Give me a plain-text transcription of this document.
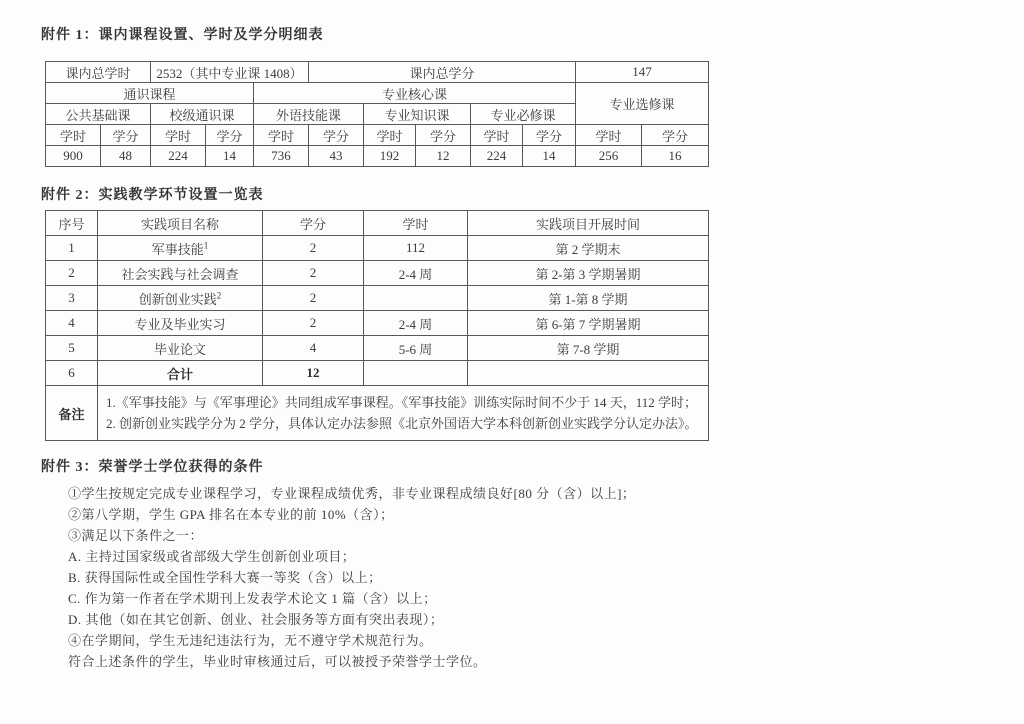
附件 1：课内课程设置、学时及学分明细表
课内总学时		2532（其中专业课 1408）			课内总学分					147	
通识课程				专业核心课						专业选修课	
公共基础课		校级通识课		外语技能课		专业知识课		专业必修课			
学时	学分	学时	学分	学时	学分	学时	学分	学时	学分	学时	学分
900	48	224	14	736	43	192	12	224	14	256	16
附件 2：实践教学环节设置一览表
序号	实践项目名称	学分	学时	实践项目开展时间
1	军事技能$^1$	2	112	第 2 学期末
2	社会实践与社会调查	2	2-4 周	第 2-第 3 学期暑期
3	创新创业实践$^2$	2		第 1-第 8 学期
4	专业及毕业实习	2	2-4 周	第 6-第 7 学期暑期
5	毕业论文	4	5-6 周	第 7-8 学期
6	合计	12		
备注	1.《军事技能》与《军事理论》共同组成军事课程。《军事技能》训练实际时间不少于 14 天，112 学时；
2. 创新创业实践学分为 2 学分，具体认定办法参照《北京外国语大学本科创新创业实践学分认定办法》。			
附件 3：荣誉学士学位获得的条件
①学生按规定完成专业课程学习，专业课程成绩优秀，非专业课程成绩良好[80 分（含）以上]；
②第八学期，学生 GPA 排名在本专业的前 10%（含）；
③满足以下条件之一：
A. 主持过国家级或省部级大学生创新创业项目；
B. 获得国际性或全国性学科大赛一等奖（含）以上；
C. 作为第一作者在学术期刊上发表学术论文 1 篇（含）以上；
D. 其他（如在其它创新、创业、社会服务等方面有突出表现）；
④在学期间，学生无违纪违法行为，无不遵守学术规范行为。
符合上述条件的学生，毕业时审核通过后，可以被授予荣誉学士学位。
